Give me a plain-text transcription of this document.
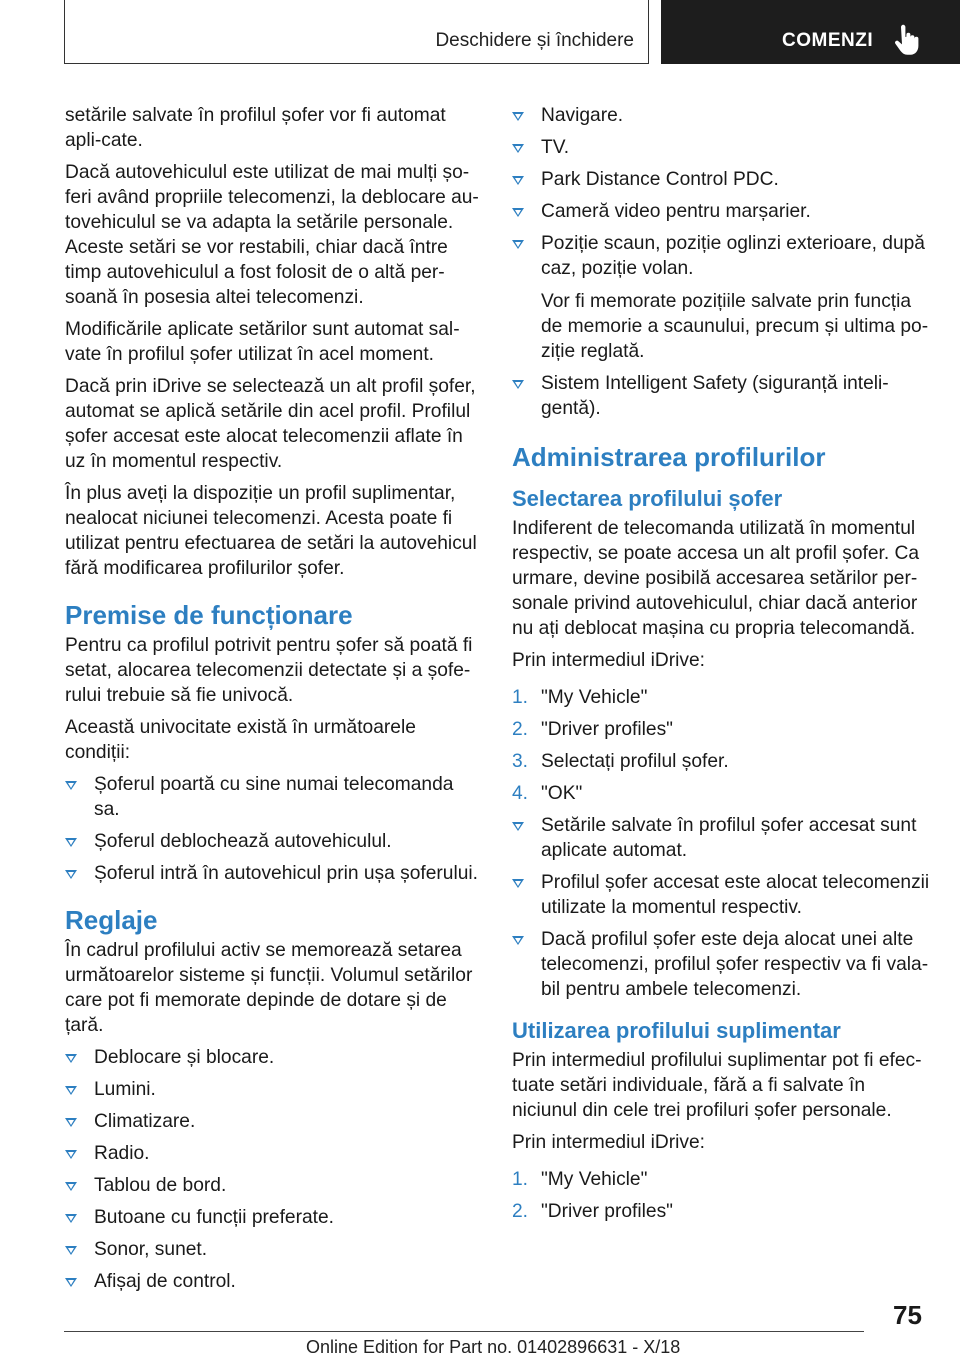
Deschidere și închidere	COMENZI

setările salvate în profilul șofer vor fi automat apli‐cate.

Dacă autovehiculul este utilizat de mai mulți șo‐feri având propriile telecomenzi, la deblocare au‐tovehiculul se va adapta la setările personale. Aceste setări se vor restabili, chiar dacă între timp autovehiculul a fost folosit de o altă per‐soană în posesia altei telecomenzi.

Modificările aplicate setărilor sunt automat sal‐vate în profilul șofer utilizat în acel moment.

Dacă prin iDrive se selectează un alt profil șofer, automat se aplică setările din acel profil. Profilul șofer accesat este alocat telecomenzii aflate în uz în momentul respectiv.

În plus aveți la dispoziție un profil suplimentar, nealocat niciunei telecomenzi. Acesta poate fi utilizat pentru efectuarea de setări la autovehicul fără modificarea profilurilor șofer.

Premise de funcționare

Pentru ca profilul potrivit pentru șofer să poată fi setat, alocarea telecomenzii detectate și a șofe‐rului trebuie să fie univocă.

Această univocitate există în următoarele condiții:

Șoferul poartă cu sine numai telecomanda sa.
Șoferul deblochează autovehiculul.
Șoferul intră în autovehicul prin ușa șoferului.
Reglaje

În cadrul profilului activ se memorează setarea următoarelor sisteme și funcții. Volumul setărilor care pot fi memorate depinde de dotare și de țară.

Deblocare și blocare.
Lumini.
Climatizare.
Radio.
Tablou de bord.
Butoane cu funcții preferate.
Sonor, sunet.
Afișaj de control.
Navigare.
TV.
Park Distance Control PDC.
Cameră video pentru marșarier.
Poziție scaun, poziție oglinzi exterioare, după caz, poziție volan.
Vor fi memorate pozițiile salvate prin funcția de memorie a scaunului, precum și ultima po‐ziție reglată.
Sistem Intelligent Safety (siguranță inteli‐gentă).
Administrarea profilurilor
Selectarea profilului șofer

Indiferent de telecomanda utilizată în momentul respectiv, se poate accesa un alt profil șofer. Ca urmare, devine posibilă accesarea setărilor per‐sonale privind autovehiculul, chiar dacă anterior nu ați deblocat mașina cu propria telecomandă.

Prin intermediul iDrive:

1. "My Vehicle"
2. "Driver profiles"
3. Selectați profilul șofer.
4. "OK"
Setările salvate în profilul șofer accesat sunt aplicate automat.
Profilul șofer accesat este alocat telecomenzii utilizate la momentul respectiv.
Dacă profilul șofer este deja alocat unei alte telecomenzi, profilul șofer respectiv va fi vala‐bil pentru ambele telecomenzi.
Utilizarea profilului suplimentar

Prin intermediul profilului suplimentar pot fi efec‐tuate setări individuale, fără a fi salvate în niciunul din cele trei profiluri șofer personale.

Prin intermediul iDrive:

1. "My Vehicle"
2. "Driver profiles"
75
Online Edition for Part no. 01402896631 - X/18
